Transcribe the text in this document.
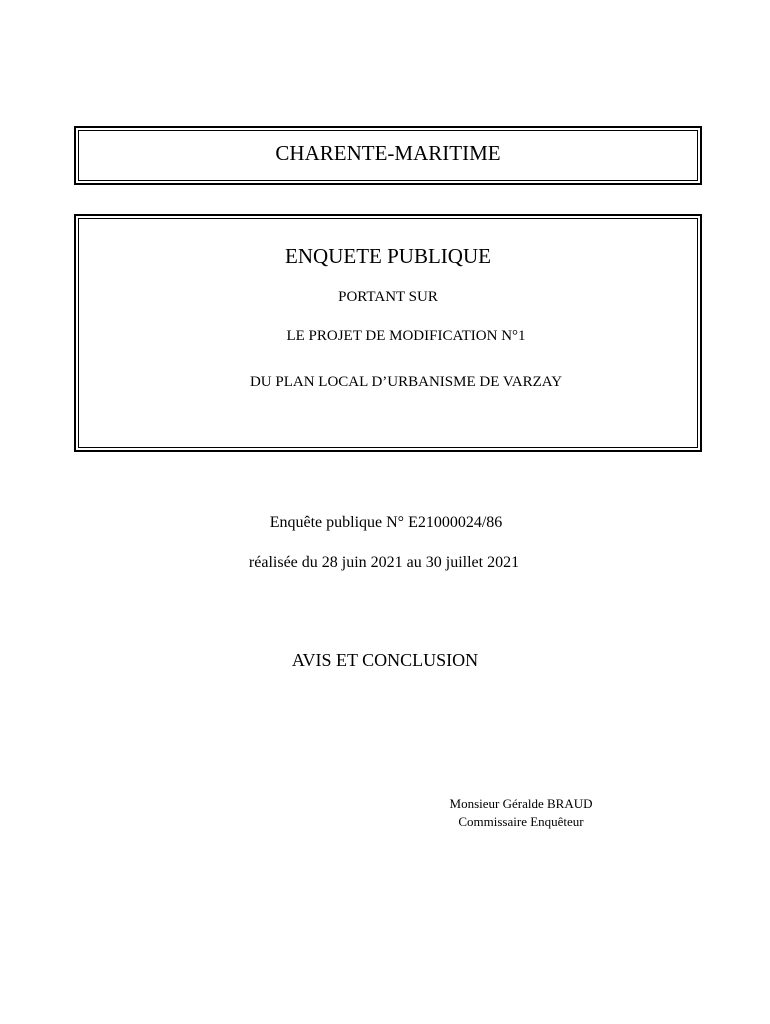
CHARENTE-MARITIME
ENQUETE PUBLIQUE
PORTANT SUR
LE PROJET DE MODIFICATION N°1
DU PLAN LOCAL D’URBANISME DE VARZAY
Enquête publique N° E21000024/86
réalisée du 28 juin 2021 au 30 juillet 2021
AVIS ET CONCLUSION
Monsieur Géralde BRAUD
Commissaire Enquêteur
